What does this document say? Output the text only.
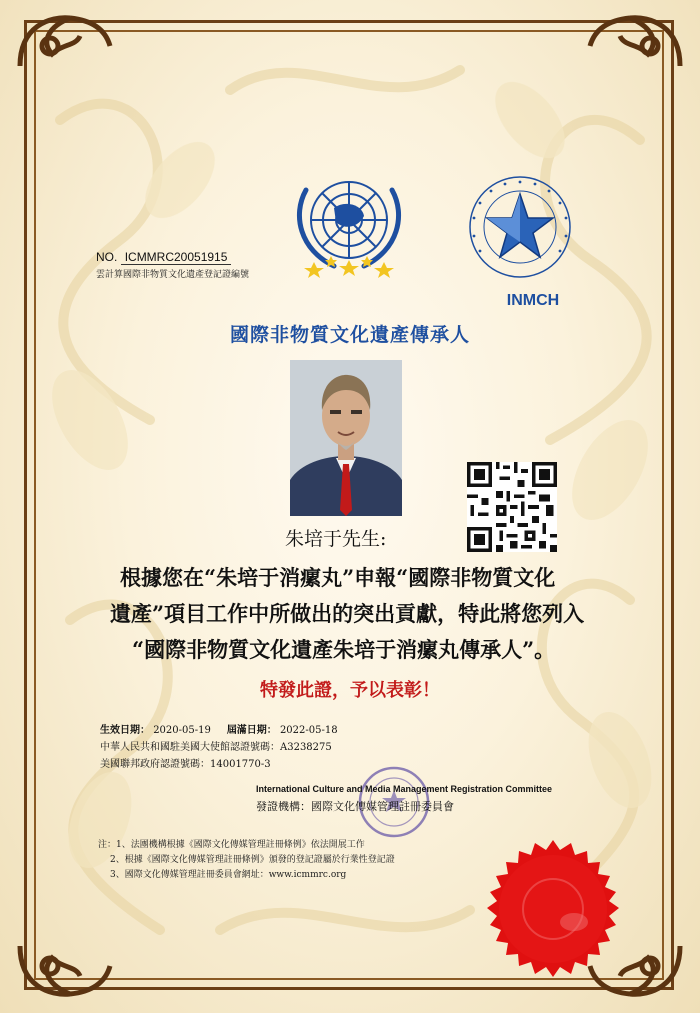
INMCH
NO. ICMMRC20051915
雲計算國際非物質文化遺產登記證編號
國際非物質文化遺產傳承人
朱培于先生:

根據您在“朱培于消瘰丸”申報“國際非物質文化

遺產”項目工作中所做出的突出貢獻，特此將您列入

“國際非物質文化遺產朱培于消瘰丸傳承人”。

特發此證，予以表彰！
生效日期： 2020-05-19 屆滿日期： 2022-05-18
中華人民共和國駐美國大使館認證號碼：A3238275
美國聯邦政府認證號碼：14001770-3
International Culture and Media Management Registration Committee
發證機構：國際文化傳媒管理註冊委員會
注：1、法團機構根據《國際文化傳媒管理註冊條例》依法開展工作
2、根據《國際文化傳媒管理註冊條例》頒發的登記證屬於行業性登記證
3、國際文化傳媒管理註冊委員會網址：www.icmmrc.org
